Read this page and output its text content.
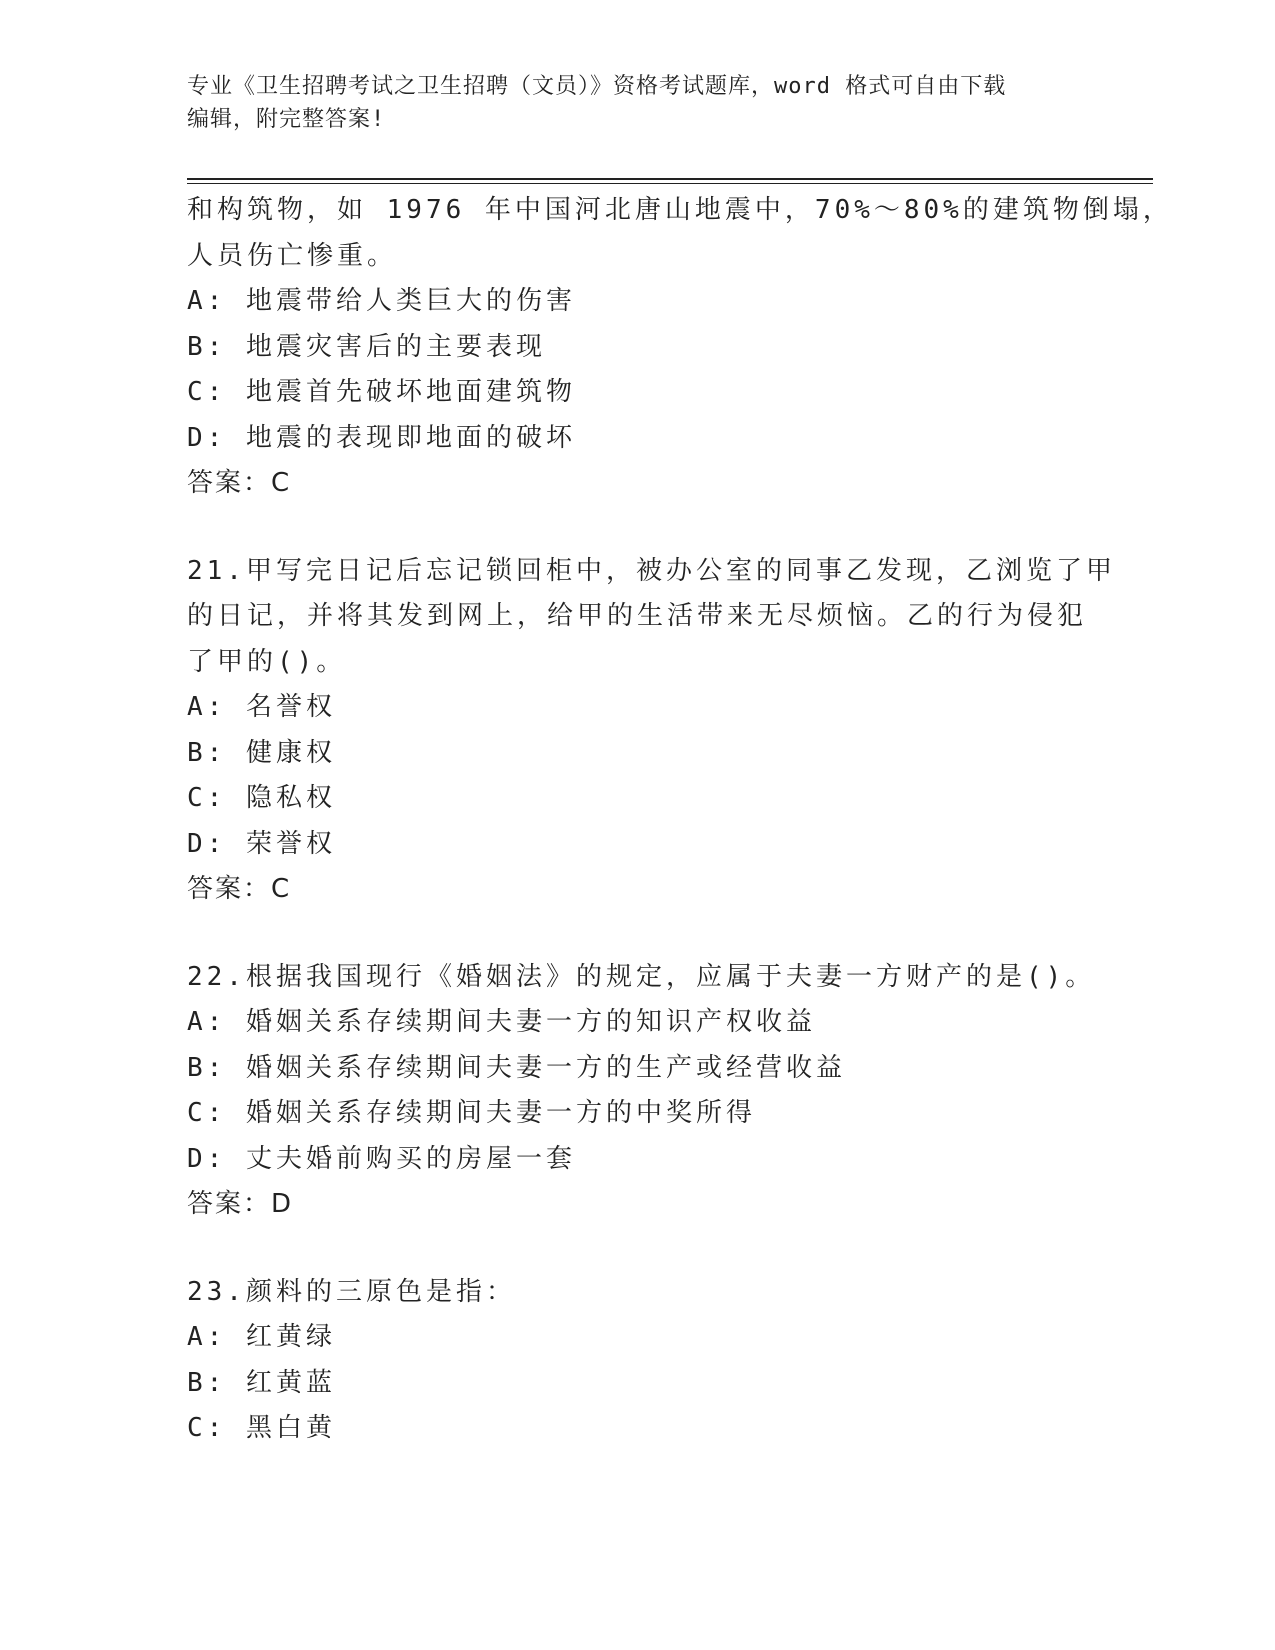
专业《卫生招聘考试之卫生招聘（文员）》资格考试题库，word 格式可自由下载
编辑，附完整答案!
和构筑物，如 1976 年中国河北唐山地震中，70%～80%的建筑物倒塌，
人员伤亡惨重。
A: 地震带给人类巨大的伤害
B: 地震灾害后的主要表现
C: 地震首先破坏地面建筑物
D: 地震的表现即地面的破坏
答案：C
21.甲写完日记后忘记锁回柜中，被办公室的同事乙发现，乙浏览了甲
的日记，并将其发到网上，给甲的生活带来无尽烦恼。乙的行为侵犯
了甲的()。
A: 名誉权
B: 健康权
C: 隐私权
D: 荣誉权
答案：C
22.根据我国现行《婚姻法》的规定，应属于夫妻一方财产的是()。
A: 婚姻关系存续期间夫妻一方的知识产权收益
B: 婚姻关系存续期间夫妻一方的生产或经营收益
C: 婚姻关系存续期间夫妻一方的中奖所得
D: 丈夫婚前购买的房屋一套
答案：D
23.颜料的三原色是指：
A: 红黄绿
B: 红黄蓝
C: 黑白黄
